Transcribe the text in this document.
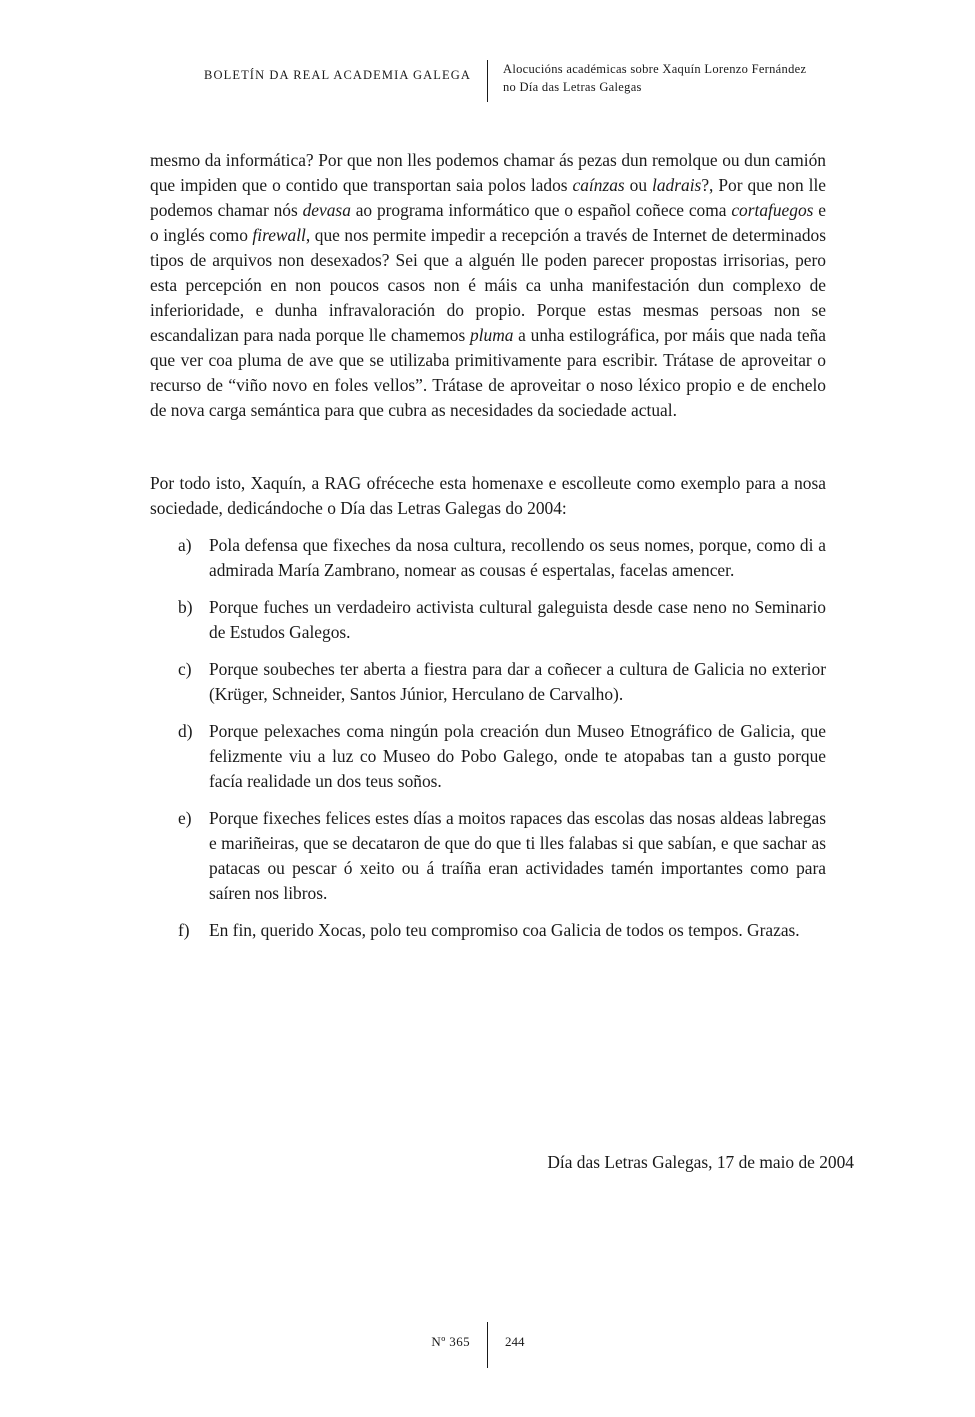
BOLETÍN DA REAL ACADEMIA GALEGA	Alocucións académicas sobre Xaquín Lorenzo Fernández
no Día das Letras Galegas

mesmo da informática? Por que non lles podemos chamar ás pezas dun remolque ou dun camión que impiden que o contido que transportan saia polos lados caínzas ou ladrais?, Por que non lle podemos chamar nós devasa ao programa informático que o español coñece coma cortafuegos e o inglés como firewall, que nos permite impedir a recepción a través de Internet de determinados tipos de arquivos non desexados? Sei que a alguén lle poden parecer propostas irrisorias, pero esta percepción en non poucos casos non é máis ca unha manifestación dun complexo de inferioridade, e dunha infravaloración do propio. Porque estas mesmas persoas non se escandalizan para nada porque lle chamemos pluma a unha estilográfica, por máis que nada teña que ver coa pluma de ave que se utilizaba primitivamente para escribir. Trátase de aproveitar o recurso de “viño novo en foles vellos”. Trátase de aproveitar o noso léxico propio e de enchelo de nova carga semántica para que cubra as necesidades da sociedade actual.

Por todo isto, Xaquín, a RAG ofréceche esta homenaxe e escolleute como exemplo para a nosa sociedade, dedicándoche o Día das Letras Galegas do 2004:

a) Pola defensa que fixeches da nosa cultura, recollendo os seus nomes, porque, como di a admirada María Zambrano, nomear as cousas é espertalas, facelas amencer.
b) Porque fuches un verdadeiro activista cultural galeguista desde case neno no Seminario de Estudos Galegos.
c) Porque soubeches ter aberta a fiestra para dar a coñecer a cultura de Galicia no exterior (Krüger, Schneider, Santos Júnior, Herculano de Carvalho).
d) Porque pelexaches coma ningún pola creación dun Museo Etnográfico de Galicia, que felizmente viu a luz co Museo do Pobo Galego, onde te atopabas tan a gusto porque facía realidade un dos teus soños.
e) Porque fixeches felices estes días a moitos rapaces das escolas das nosas aldeas labregas e mariñeiras, que se decataron de que do que ti lles falabas si que sabían, e que sachar as patacas ou pescar ó xeito ou á traíña eran actividades tamén importantes como para saíren nos libros.
f) En fin, querido Xocas, polo teu compromiso coa Galicia de todos os tempos. Grazas.
Día das Letras Galegas, 17 de maio de 2004
Nº 365	244
